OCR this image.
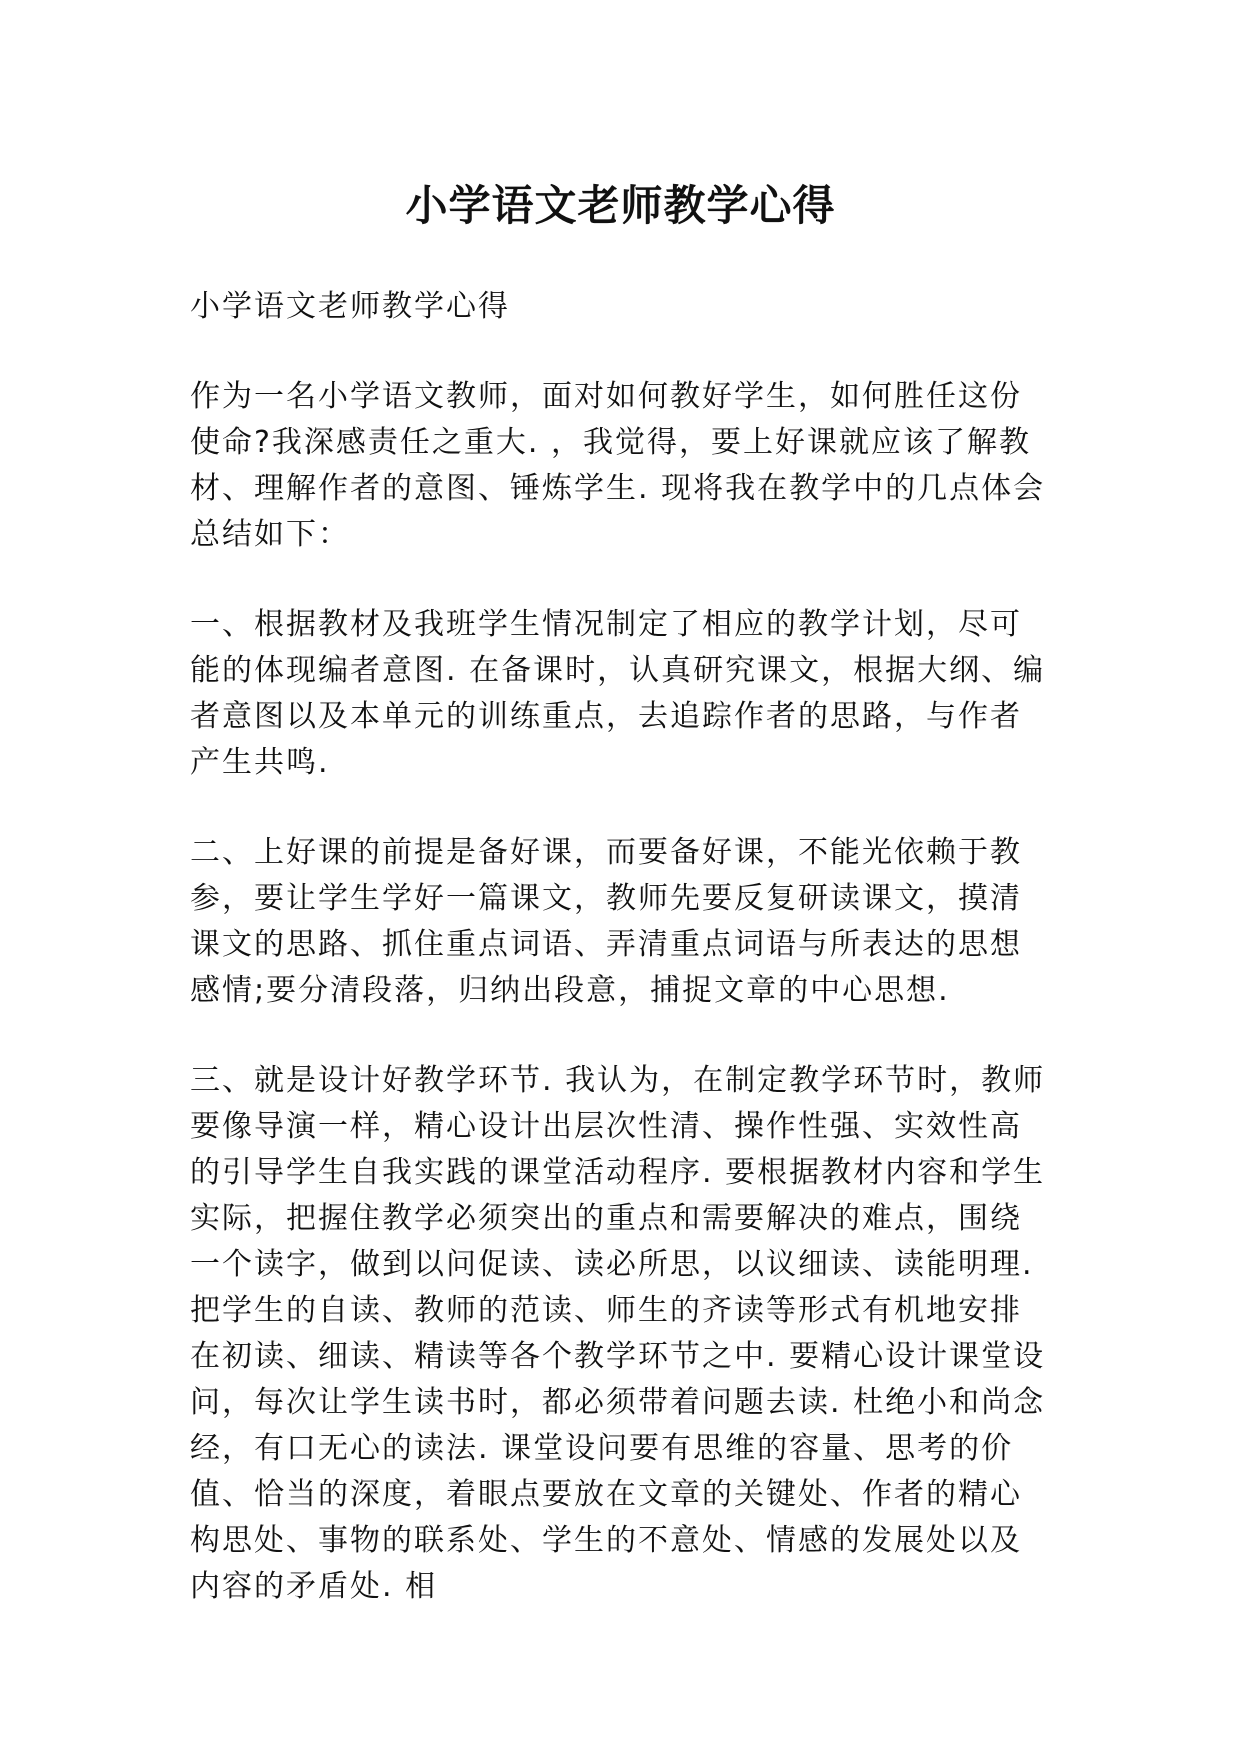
小学语文老师教学心得

小学语文老师教学心得

作为一名小学语文教师，面对如何教好学生，如何胜任这份使命?我深感责任之重大. ，我觉得，要上好课就应该了解教材、理解作者的意图、锤炼学生. 现将我在教学中的几点体会总结如下：

一、根据教材及我班学生情况制定了相应的教学计划，尽可能的体现编者意图. 在备课时，认真研究课文，根据大纲、编者意图以及本单元的训练重点，去追踪作者的思路，与作者产生共鸣.

二、上好课的前提是备好课，而要备好课，不能光依赖于教参，要让学生学好一篇课文，教师先要反复研读课文，摸清课文的思路、抓住重点词语、弄清重点词语与所表达的思想感情;要分清段落，归纳出段意，捕捉文章的中心思想.

三、就是设计好教学环节. 我认为，在制定教学环节时，教师要像导演一样，精心设计出层次性清、操作性强、实效性高的引导学生自我实践的课堂活动程序. 要根据教材内容和学生实际，把握住教学必须突出的重点和需要解决的难点，围绕一个读字，做到以问促读、读必所思，以议细读、读能明理. 把学生的自读、教师的范读、师生的齐读等形式有机地安排在初读、细读、精读等各个教学环节之中. 要精心设计课堂设问，每次让学生读书时，都必须带着问题去读. 杜绝小和尚念经，有口无心的读法. 课堂设问要有思维的容量、思考的价值、恰当的深度，着眼点要放在文章的关键处、作者的精心构思处、事物的联系处、学生的不意处、情感的发展处以及内容的矛盾处. 相
